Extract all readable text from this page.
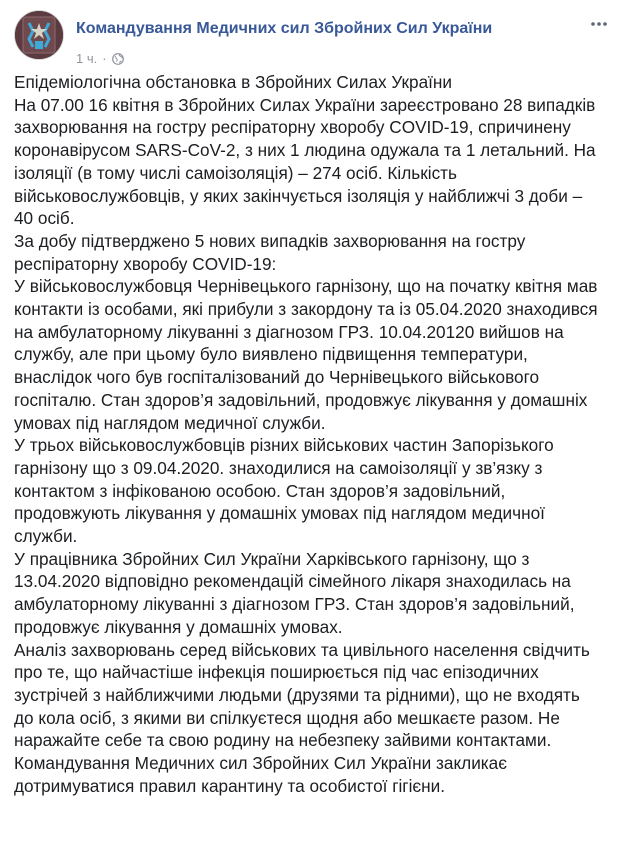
Командування Медичних сил Збройних Сил України
1 ч. ·

Епідеміологічна обстановка в Збройних Силах України

На 07.00 16 квітня в Збройних Силах України зареєстровано 28 випадків

захворювання на гостру респіраторну хворобу COVID-19, спричинену

коронавірусом SARS-CoV-2, з них 1 людина одужала та 1 летальний. На

ізоляції (в тому числі самоізоляція) – 274 осіб. Кількість

військовослужбовців, у яких закінчується ізоляція у найближчі 3 доби –

40 осіб.

За добу підтверджено 5 нових випадків захворювання на гостру

респіраторну хворобу COVID-19:

У військовослужбовця Чернівецького гарнізону, що на початку квітня мав

контакти із особами, які прибули з закордону та із 05.04.2020 знаходився

на амбулаторному лікуванні з діагнозом ГРЗ. 10.04.20120 вийшов на

службу, але при цьому було виявлено підвищення температури,

внаслідок чого був госпіталізований до Чернівецького військового

госпіталю. Стан здоров’я задовільний, продовжує лікування у домашніх

умовах під наглядом медичної служби.

У трьох військовослужбовців різних військових частин Запорізького

гарнізону що з 09.04.2020. знаходилися на самоізоляції у зв’язку з

контактом з інфікованою особою. Стан здоров’я задовільний,

продовжують лікування у домашніх умовах під наглядом медичної

служби.

У працівника Збройних Сил України Харківського гарнізону, що з

13.04.2020 відповідно рекомендацій сімейного лікаря знаходилась на

амбулаторному лікуванні з діагнозом ГРЗ. Стан здоров’я задовільний,

продовжує лікування у домашніх умовах.

Аналіз захворювань серед військових та цивільного населення свідчить

про те, що найчастіше інфекція поширюється під час епізодичних

зустрічей з найближчими людьми (друзями та рідними), що не входять

до кола осіб, з якими ви спілкуєтеся щодня або мешкаєте разом. Не

наражайте себе та свою родину на небезпеку зайвими контактами.

Командування Медичних сил Збройних Сил України закликає

дотримуватися правил карантину та особистої гігієни.
